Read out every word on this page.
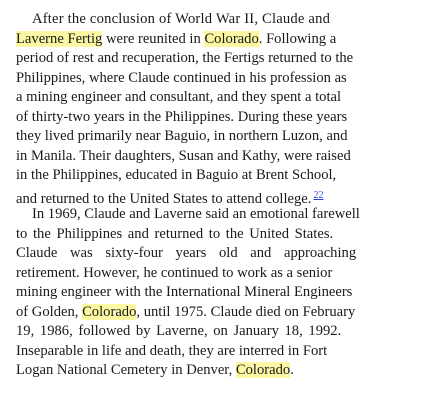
After the conclusion of World War II, Claude and
Laverne Fertig were reunited in Colorado. Following a
period of rest and recuperation, the Fertigs returned to the
Philippines, where Claude continued in his profession as
a mining engineer and consultant, and they spent a total
of thirty-two years in the Philippines. During these years
they lived primarily near Baguio, in northern Luzon, and
in Manila. Their daughters, Susan and Kathy, were raised
in the Philippines, educated in Baguio at Brent School,
and returned to the United States to attend college. $^{22}$
In 1969, Claude and Laverne said an emotional farewell
to the Philippines and returned to the United States.
Claude was sixty-four years old and approaching
retirement. However, he continued to work as a senior
mining engineer with the International Mineral Engineers
of Golden, Colorado, until 1975. Claude died on February
19, 1986, followed by Laverne, on January 18, 1992.
Inseparable in life and death, they are interred in Fort
Logan National Cemetery in Denver, Colorado.
